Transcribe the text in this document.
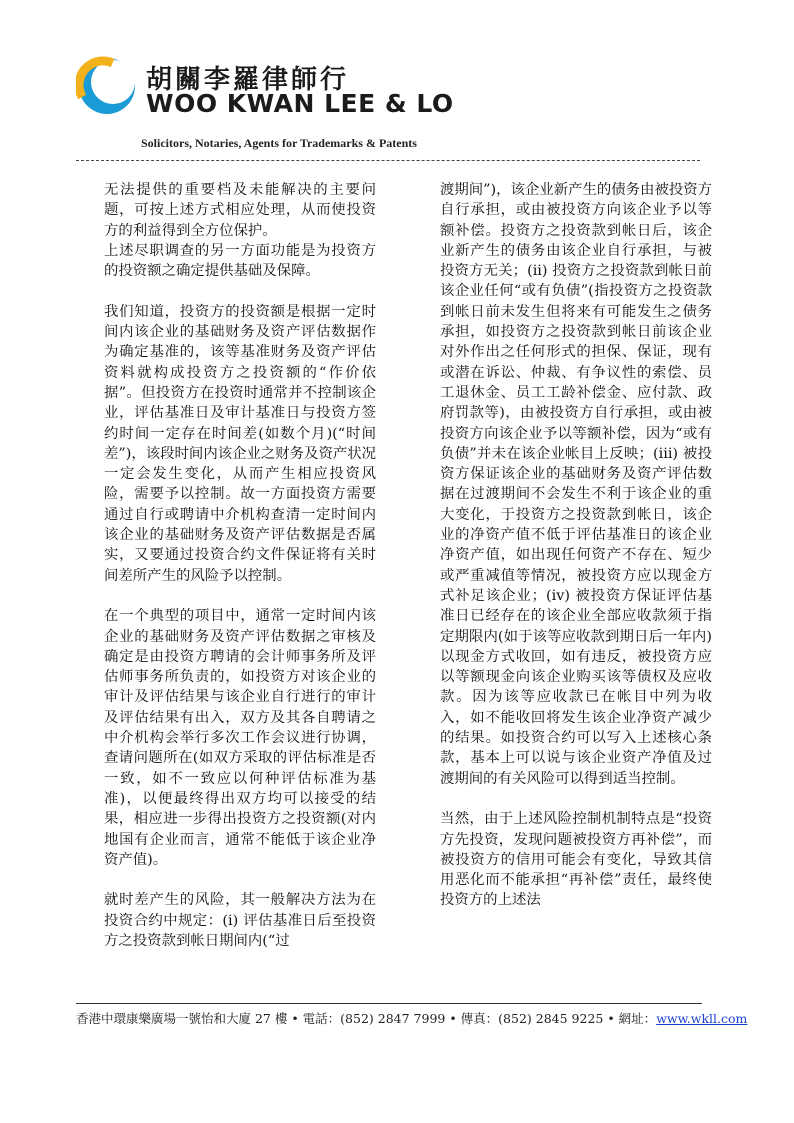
胡關李羅律師行
WOO KWAN LEE & LO
Solicitors, Notaries, Agents for Trademarks & Patents

无法提供的重要档及未能解决的主要问题，可按上述方式相应处理，从而使投资方的利益得到全方位保护。

上述尽职调查的另一方面功能是为投资方的投资额之确定提供基础及保障。

我们知道，投资方的投资额是根据一定时间内该企业的基础财务及资产评估数据作为确定基准的，该等基准财务及资产评估资料就构成投资方之投资额的“作价依据”。但投资方在投资时通常并不控制该企业，评估基准日及审计基准日与投资方签约时间一定存在时间差(如数个月)(“时间差”)，该段时间内该企业之财务及资产状况一定会发生变化，从而产生相应投资风险，需要予以控制。故一方面投资方需要通过自行或聘请中介机构查清一定时间内该企业的基础财务及资产评估数据是否属实，又要通过投资合约文件保证将有关时间差所产生的风险予以控制。

在一个典型的项目中，通常一定时间内该企业的基础财务及资产评估数据之审核及确定是由投资方聘请的会计师事务所及评估师事务所负责的，如投资方对该企业的审计及评估结果与该企业自行进行的审计及评估结果有出入，双方及其各自聘请之中介机构会举行多次工作会议进行协调，查请问题所在(如双方采取的评估标准是否一致，如不一致应以何种评估标准为基准)，以便最终得出双方均可以接受的结果，相应进一步得出投资方之投资额(对内地国有企业而言，通常不能低于该企业净资产值)。

就时差产生的风险，其一般解决方法为在投资合约中规定：(i) 评估基准日后至投资方之投资款到帐日期间内(“过

渡期间”)，该企业新产生的债务由被投资方自行承担，或由被投资方向该企业予以等额补偿。投资方之投资款到帐日后，该企业新产生的债务由该企业自行承担，与被投资方无关；(ii) 投资方之投资款到帐日前该企业任何“或有负债”(指投资方之投资款到帐日前未发生但将来有可能发生之债务承担，如投资方之投资款到帐日前该企业对外作出之任何形式的担保、保证，现有或潜在诉讼、仲裁、有争议性的索偿、员工退休金、员工工龄补偿金、应付款、政府罚款等)，由被投资方自行承担，或由被投资方向该企业予以等额补偿，因为“或有负债”并未在该企业帐目上反映；(iii) 被投资方保证该企业的基础财务及资产评估数据在过渡期间不会发生不利于该企业的重大变化，于投资方之投资款到帐日，该企业的净资产值不低于评估基准日的该企业净资产值，如出现任何资产不存在、短少或严重减值等情况，被投资方应以现金方式补足该企业；(iv) 被投资方保证评估基准日已经存在的该企业全部应收款须于指定期限内(如于该等应收款到期日后一年内)以现金方式收回，如有违反，被投资方应以等额现金向该企业购买该等债权及应收款。因为该等应收款已在帐目中列为收入，如不能收回将发生该企业净资产减少的结果。如投资合约可以写入上述核心条款，基本上可以说与该企业资产净值及过渡期间的有关风险可以得到适当控制。

当然，由于上述风险控制机制特点是“投资方先投资，发现问题被投资方再补偿”，而被投资方的信用可能会有变化，导致其信用恶化而不能承担“再补偿”责任，最终使投资方的上述法

香港中環康樂廣場一號怡和大廈 27 樓 • 電話：(852) 2847 7999 • 傳真：(852) 2845 9225 • 網址：www.wkll.com
